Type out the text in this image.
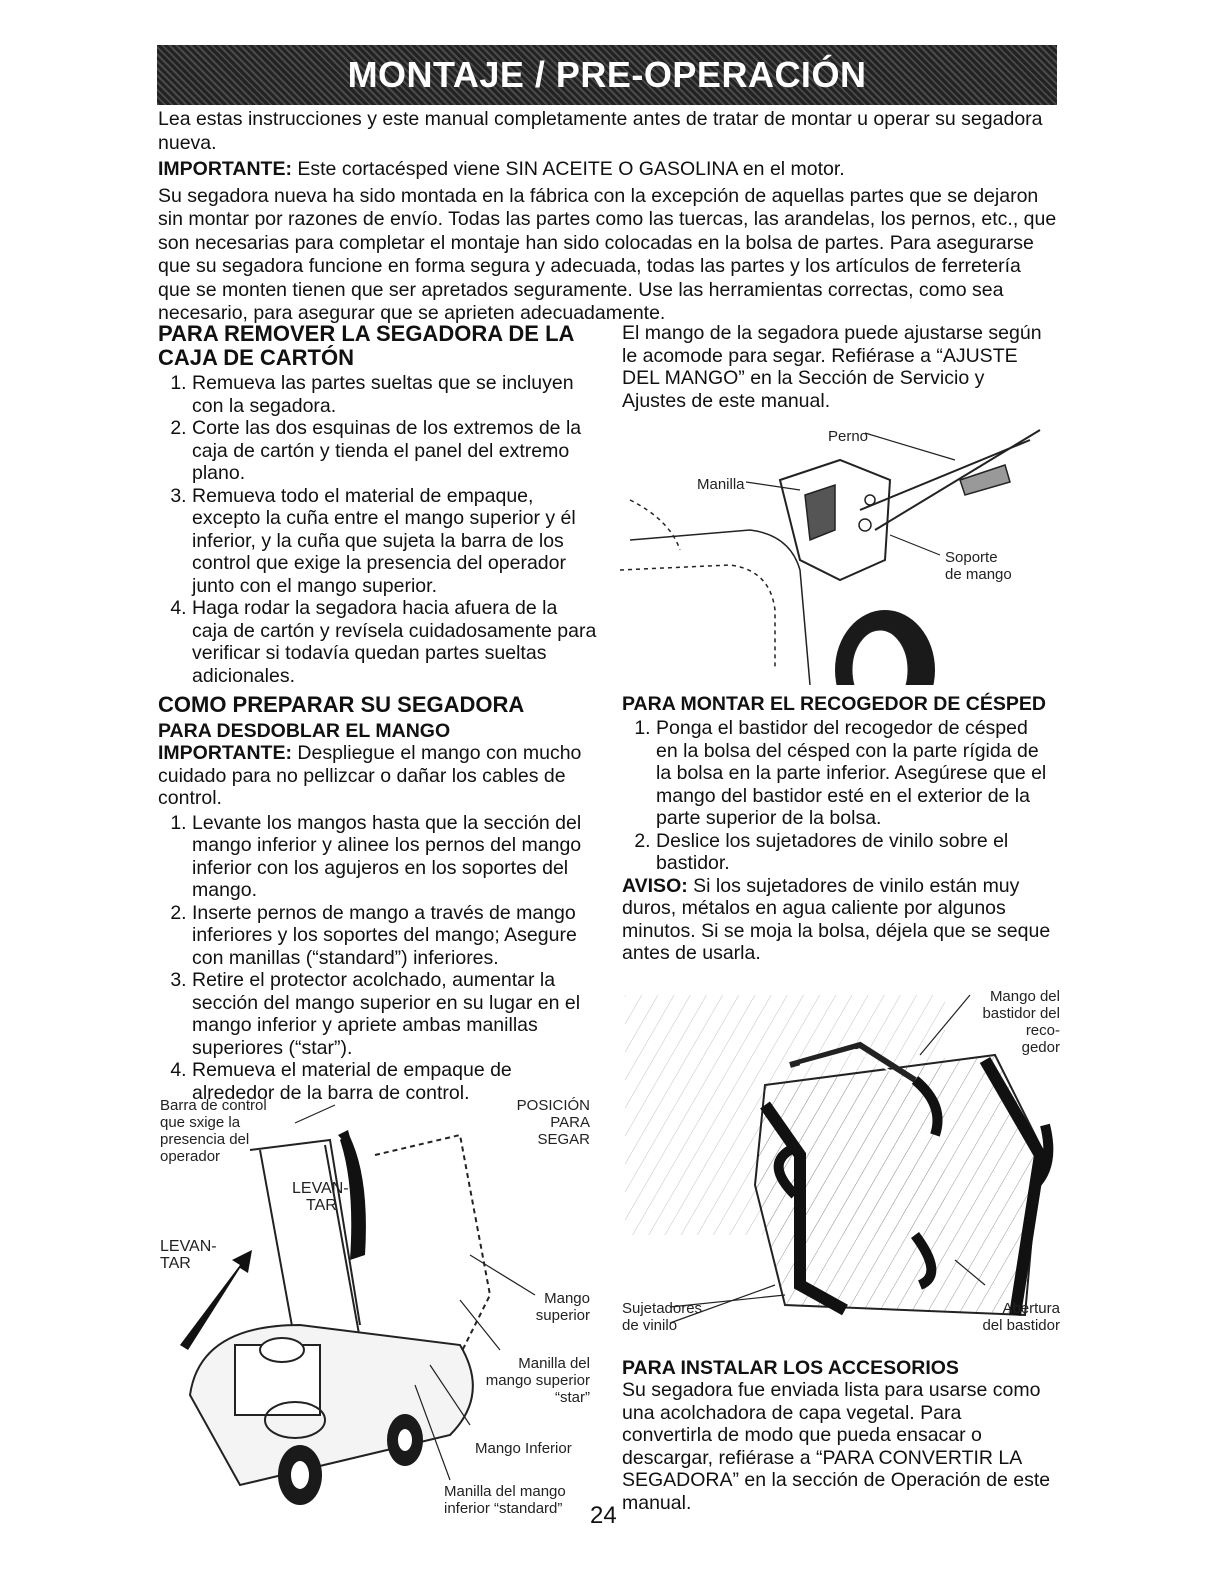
MONTAJE / PRE-OPERACIÓN

Lea estas instrucciones y este manual completamente antes de tratar de montar u operar su segadora nueva.

IMPORTANTE: Este cortacésped viene SIN ACEITE O GASOLINA en el motor.

Su segadora nueva ha sido montada en la fábrica con la excepción de aquellas partes que se dejaron sin montar por razones de envío. Todas las partes como las tuercas, las arandelas, los pernos, etc., que son necesarias para completar el montaje han sido colocadas en la bolsa de partes. Para asegurarse que su segadora funcione en forma segura y adecuada, todas las partes y los artículos de ferretería que se monten tienen que ser apretados seguramente. Use las herramientas correctas, como sea necesario, para asegurar que se aprieten adecuadamente.

PARA REMOVER LA SEGADORA DE LA CAJA DE CARTÓN
1. Remueva las partes sueltas que se incluyen con la segadora.
2. Corte las dos esquinas de los extremos de la caja de cartón y tienda el panel del extremo plano.
3. Remueva todo el material de empaque, excepto la cuña entre el mango superior y él inferior, y la cuña que sujeta la barra de los control que exige la presencia del operador junto con el mango superior.
4. Haga rodar la segadora hacia afuera de la caja de cartón y revísela cuidadosamente para verificar si todavía quedan partes sueltas adicionales.
COMO PREPARAR SU SEGADORA
PARA DESDOBLAR EL MANGO

IMPORTANTE: Despliegue el mango con mucho cuidado para no pellizcar o dañar los cables de control.

1. Levante los mangos hasta que la sección del mango inferior y alinee los pernos del mango inferior con los agujeros en los soportes del mango.
2. Inserte pernos de mango a través de mango inferiores y los soportes del mango; Asegure con manillas (“standard”) inferiores.
3. Retire el protector acolchado, aumentar la sección del mango superior en su lugar en el mango inferior y apriete ambas manillas superiores (“star”).
4. Remueva el material de empaque de alrededor de la barra de control.

El mango de la segadora puede ajustarse según le acomode para segar. Refiérase a “AJUSTE DEL MANGO” en la Sección de Servicio y Ajustes de este manual.

Perno
Manilla
Soporte
de mango
PARA MONTAR EL RECOGEDOR DE CÉSPED
1. Ponga el bastidor del recogedor de césped en la bolsa del césped con la parte rígida de la bolsa en la parte inferior. Asegúrese que el mango del bastidor esté en el exterior de la parte superior de la bolsa.
2. Deslice los sujetadores de vinilo sobre el bastidor.

AVISO: Si los sujetadores de vinilo están muy duros, métalos en agua caliente por algunos minutos. Si se moja la bolsa, déjela que se seque antes de usarla.

Mango del
bastidor del
reco-
gedor
Sujetadores
de vinilo
Abertura
del bastidor
PARA INSTALAR LOS ACCESORIOS

Su segadora fue enviada lista para usarse como una acolchadora de capa vegetal. Para convertirla de modo que pueda ensacar o descargar, refiérase a “PARA CONVERTIR LA SEGADORA” en la sección de Operación de este manual.

Barra de control
que sxige la
presencia del
operador
POSICIÓN
PARA
SEGAR
LEVAN-
TAR
LEVAN-
TAR
Mango
superior
Manilla del
mango superior
“star”
Mango Inferior
Manilla del mango
inferior “standard” 24
